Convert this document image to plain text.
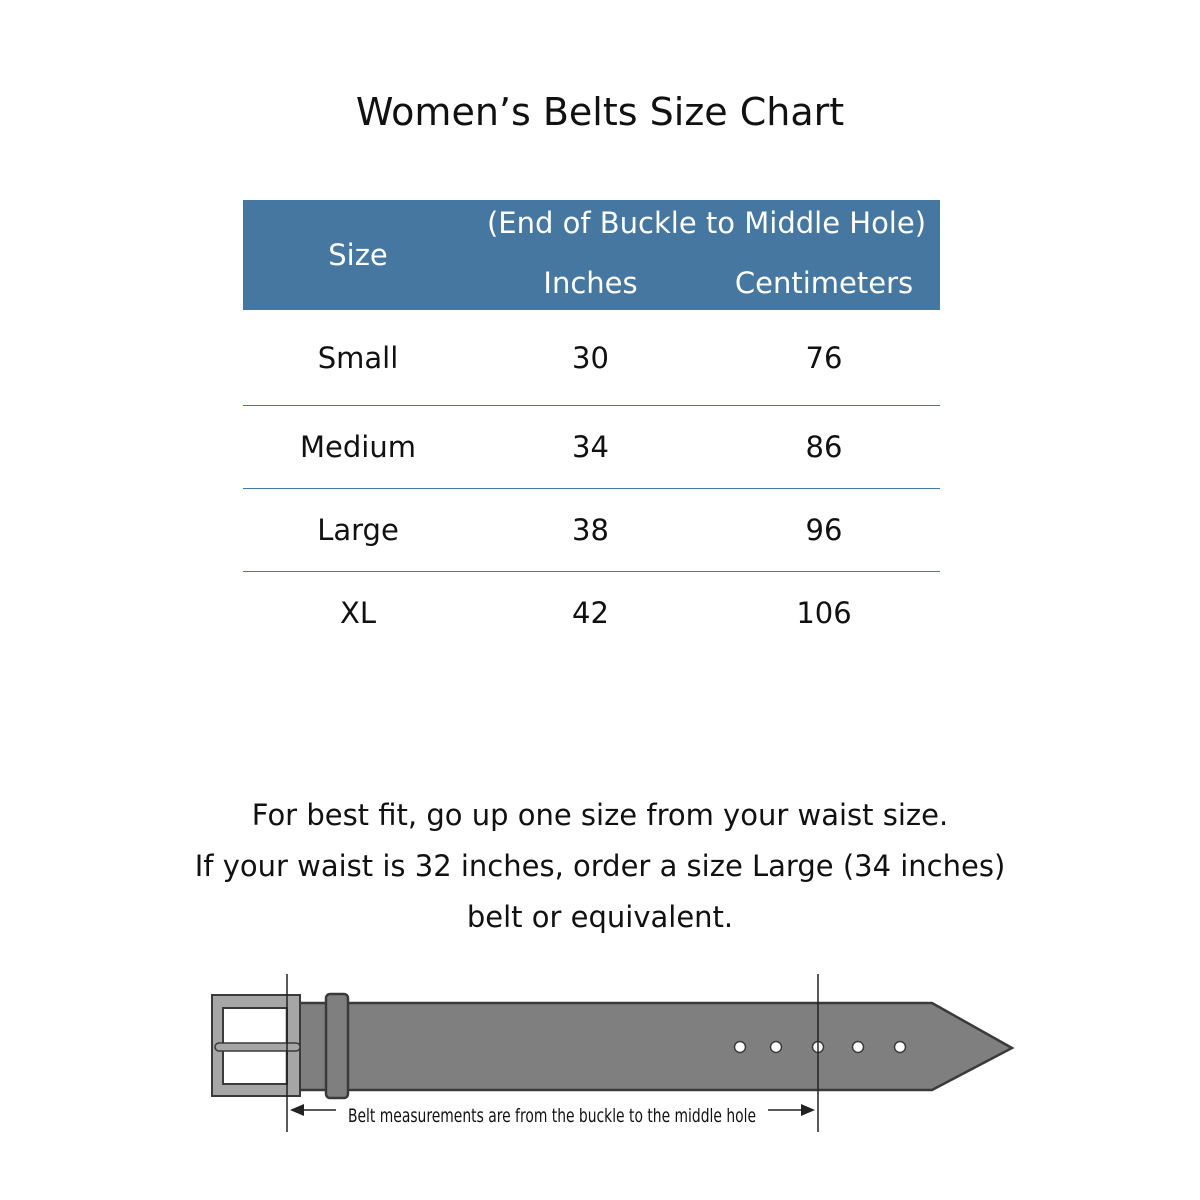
Women’s Belts Size Chart
Size
(End of Buckle to Middle Hole)
Inches	Centimeters
Small	30	76
Medium	34	86
Large	38	96
XL	42	106
For best fit, go up one size from your waist size.
If your waist is 32 inches, order a size Large (34 inches)
belt or equivalent.
Belt measurements are from the buckle to the middle hole
